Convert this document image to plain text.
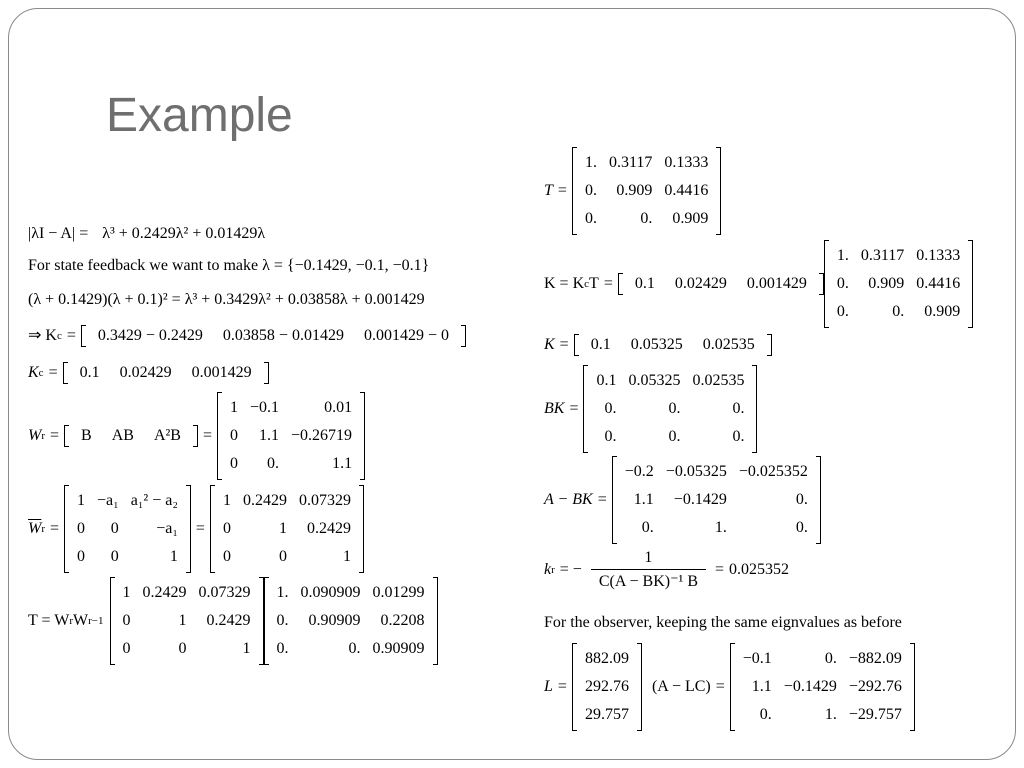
Example
|λI − A| = λ³ + 0.2429λ² + 0.01429λ
For state feedback we want to make λ = {−0.1429, −0.1, −0.1}
(λ + 0.1429)(λ + 0.1)² = λ³ + 0.3429λ² + 0.03858λ + 0.001429
⇒ K c =	0.3429 − 0.2429	0.03858 − 0.01429	0.001429 − 0
K c =	0.1	0.02429	0.001429
W r =	B	AB	A²B	=
1 −0.1	0.01
0	1.1 −0.26719
0	0.	1.1
$\overline{W}$ r =
1 −a₁ a₁² − a₂
0	0	−a₁
0	0	1
=
1 0.2429 0.07329
0	1	0.2429
0	0	1
T = W r W r −1
1 0.2429 0.07329
0	1	0.2429
0	0	1
1. 0.090909 0.01299
0.	0.90909	0.2208
0.	0. 0.90909
T =
1. 0.3117 0.1333
0.	0.909 0.4416
0.	0.	0.909
K = K c T =	0.1	0.02429	0.001429
1. 0.3117 0.1333
0.	0.909 0.4416
0.	0.	0.909
K =	0.1	0.05325	0.02535
BK =
0.1 0.05325 0.02535
0.	0.	0.
0.	0.	0.
A − BK =
−0.2 −0.05325 −0.025352
1.1	−0.1429	0.
0.	1.	0.
k r = − $\frac{1}{\text{C(A − BK)⁻¹ B}} = 0.025352$
For the observer, keeping the same eignvalues as before
L =
882.09
292.76
29.757
(A − LC) =
−0.1	0. −882.09
1.1 −0.1429 −292.76
0.	1. −29.757
